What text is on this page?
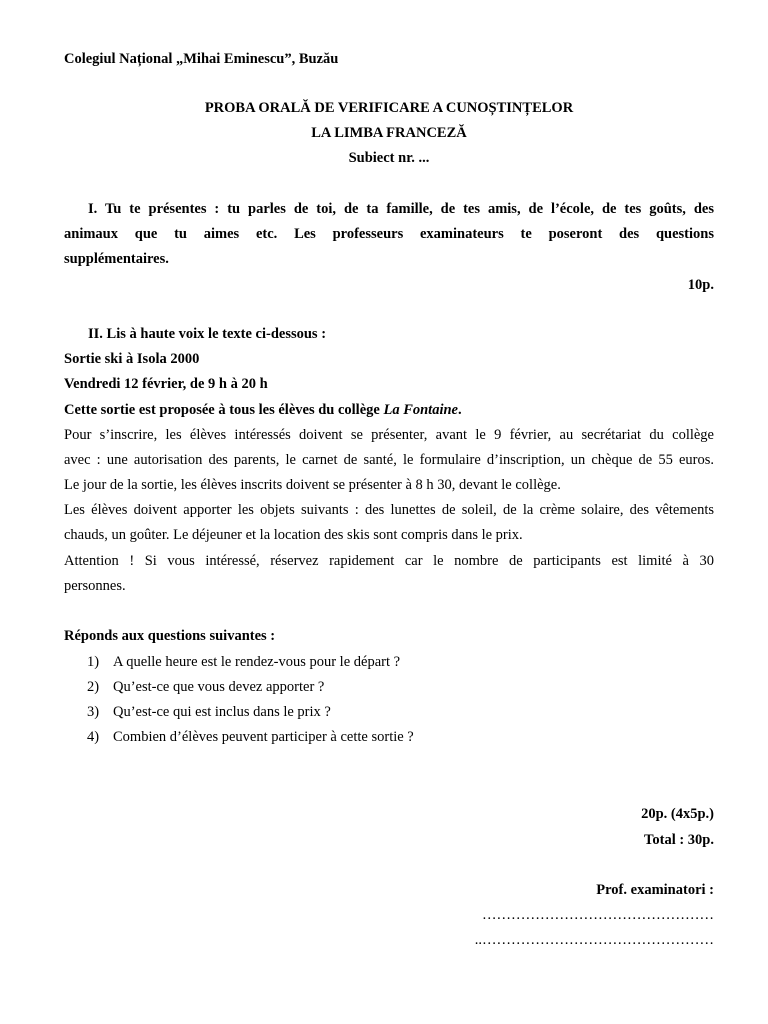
Colegiul Național „Mihai Eminescu”, Buzău
PROBA ORALĂ DE VERIFICARE A CUNOȘTINȚELOR
LA LIMBA FRANCEZĂ
Subiect nr. ...
I. Tu te présentes : tu parles de toi, de ta famille, de tes amis, de l’école, de tes goûts, des
animaux que tu aimes etc. Les professeurs examinateurs te poseront des questions
supplémentaires.
10p.
II. Lis à haute voix le texte ci-dessous :
Sortie ski à Isola 2000
Vendredi 12 février, de 9 h à 20 h
Cette sortie est proposée à tous les élèves du collège La Fontaine.
Pour s’inscrire, les élèves intéressés doivent se présenter, avant le 9 février, au secrétariat du collège
avec : une autorisation des parents, le carnet de santé, le formulaire d’inscription, un chèque de 55 euros.
Le jour de la sortie, les élèves inscrits doivent se présenter à 8 h 30, devant le collège.
Les élèves doivent apporter les objets suivants : des lunettes de soleil, de la crème solaire, des vêtements
chauds, un goûter. Le déjeuner et la location des skis sont compris dans le prix.
Attention ! Si vous intéressé, réservez rapidement car le nombre de participants est limité à 30
personnes.
Réponds aux questions suivantes :
1) A quelle heure est le rendez-vous pour le départ ?
2) Qu’est-ce que vous devez apporter ?
3) Qu’est-ce qui est inclus dans le prix ?
4) Combien d’élèves peuvent participer à cette sortie ?
20p. (4x5p.)
Total : 30p.
Prof. examinatori :
…………………………………………
..…………………………………………
